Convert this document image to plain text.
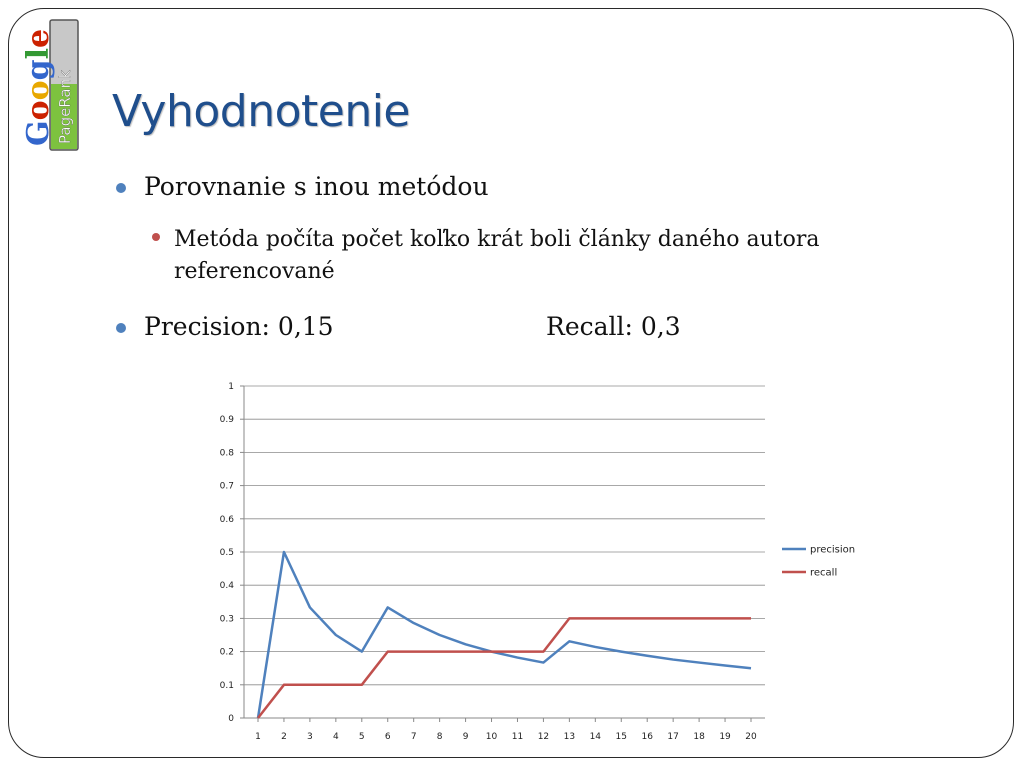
PageRank
Google
Vyhodnotenie
Porovnanie s inou metódou
Metóda počíta počet koľko krát boli články daného autora referencované
Precision: 0,15	Recall: 0,3
0
0.1
0.2
0.3
0.4
0.5
0.6
0.7
0.8
0.9
1
1 2 3 4 5 6 7 8 9 10 11 12 13 14 15 16 17 18 19 20
precision
recall
